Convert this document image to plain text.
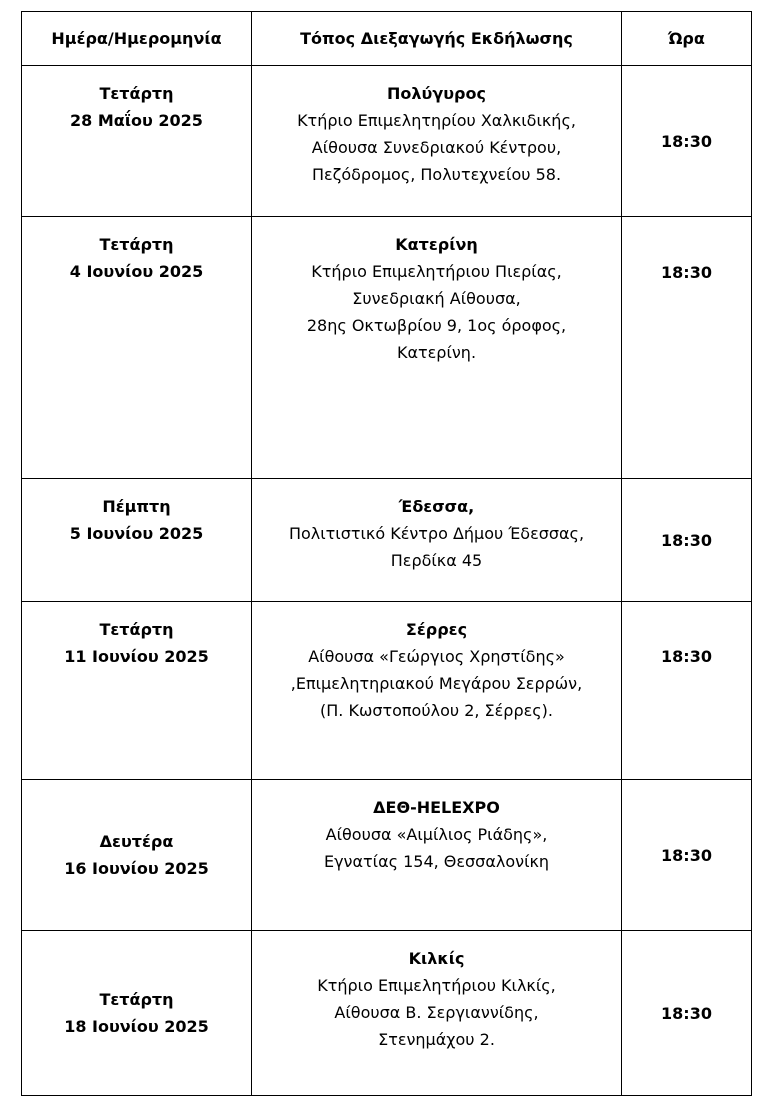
Ημέρα/Ημερομηνία	Τόπος Διεξαγωγής Εκδήλωσης	Ώρα

Τετάρτη
28 Μαΐου 2025	Πολύγυρος
Κτήριο Επιμελητηρίου Χαλκιδικής,
Αίθουσα Συνεδριακού Κέντρου,
Πεζόδρομος, Πολυτεχνείου 58.	18:30

Τετάρτη
4 Ιουνίου 2025	Κατερίνη
Κτήριο Επιμελητήριου Πιερίας,
Συνεδριακή Αίθουσα,
28ης Οκτωβρίου 9, 1ος όροφος,
Κατερίνη.	18:30

Πέμπτη
5 Ιουνίου 2025	Έδεσσα,
Πολιτιστικό Κέντρο Δήμου Έδεσσας,
Περδίκα 45	18:30

Τετάρτη
11 Ιουνίου 2025	Σέρρες
Αίθουσα «Γεώργιος Χρηστίδης»
,Επιμελητηριακού Μεγάρου Σερρών,
(Π. Κωστοπούλου 2, Σέρρες).	18:30

Δευτέρα
16 Ιουνίου 2025	ΔΕΘ-HELEXPO
Αίθουσα «Αιμίλιος Ριάδης»,
Εγνατίας 154, Θεσσαλονίκη	18:30

Τετάρτη
18 Ιουνίου 2025	Κιλκίς
Κτήριο Επιμελητήριου Κιλκίς,
Αίθουσα Β. Σεργιαννίδης,
Στενημάχου 2.	18:30
